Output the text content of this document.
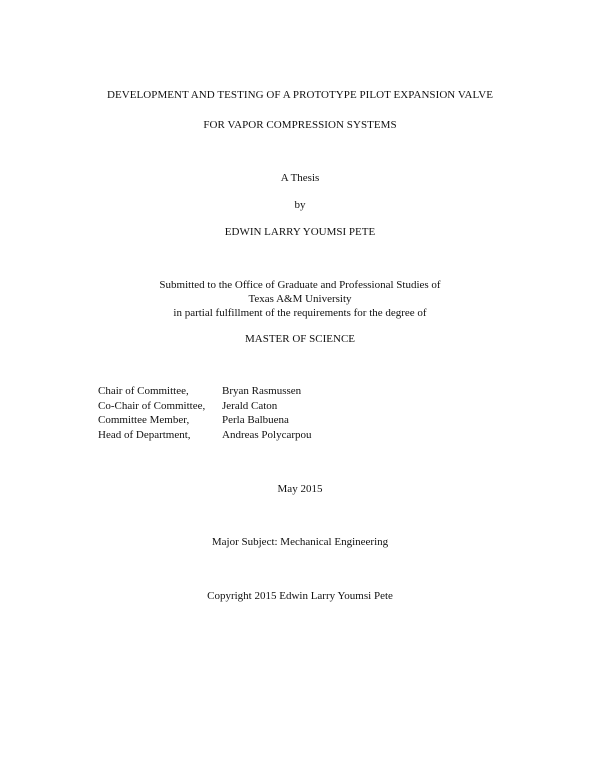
DEVELOPMENT AND TESTING OF A PROTOTYPE PILOT EXPANSION VALVE
FOR VAPOR COMPRESSION SYSTEMS
A Thesis
by
EDWIN LARRY YOUMSI PETE
Submitted to the Office of Graduate and Professional Studies of
Texas A&M University
in partial fulfillment of the requirements for the degree of
MASTER OF SCIENCE
Chair of Committee,	Bryan Rasmussen
Co-Chair of Committee,	Jerald Caton
Committee Member,	Perla Balbuena
Head of Department,	Andreas Polycarpou
May 2015
Major Subject: Mechanical Engineering
Copyright 2015 Edwin Larry Youmsi Pete
